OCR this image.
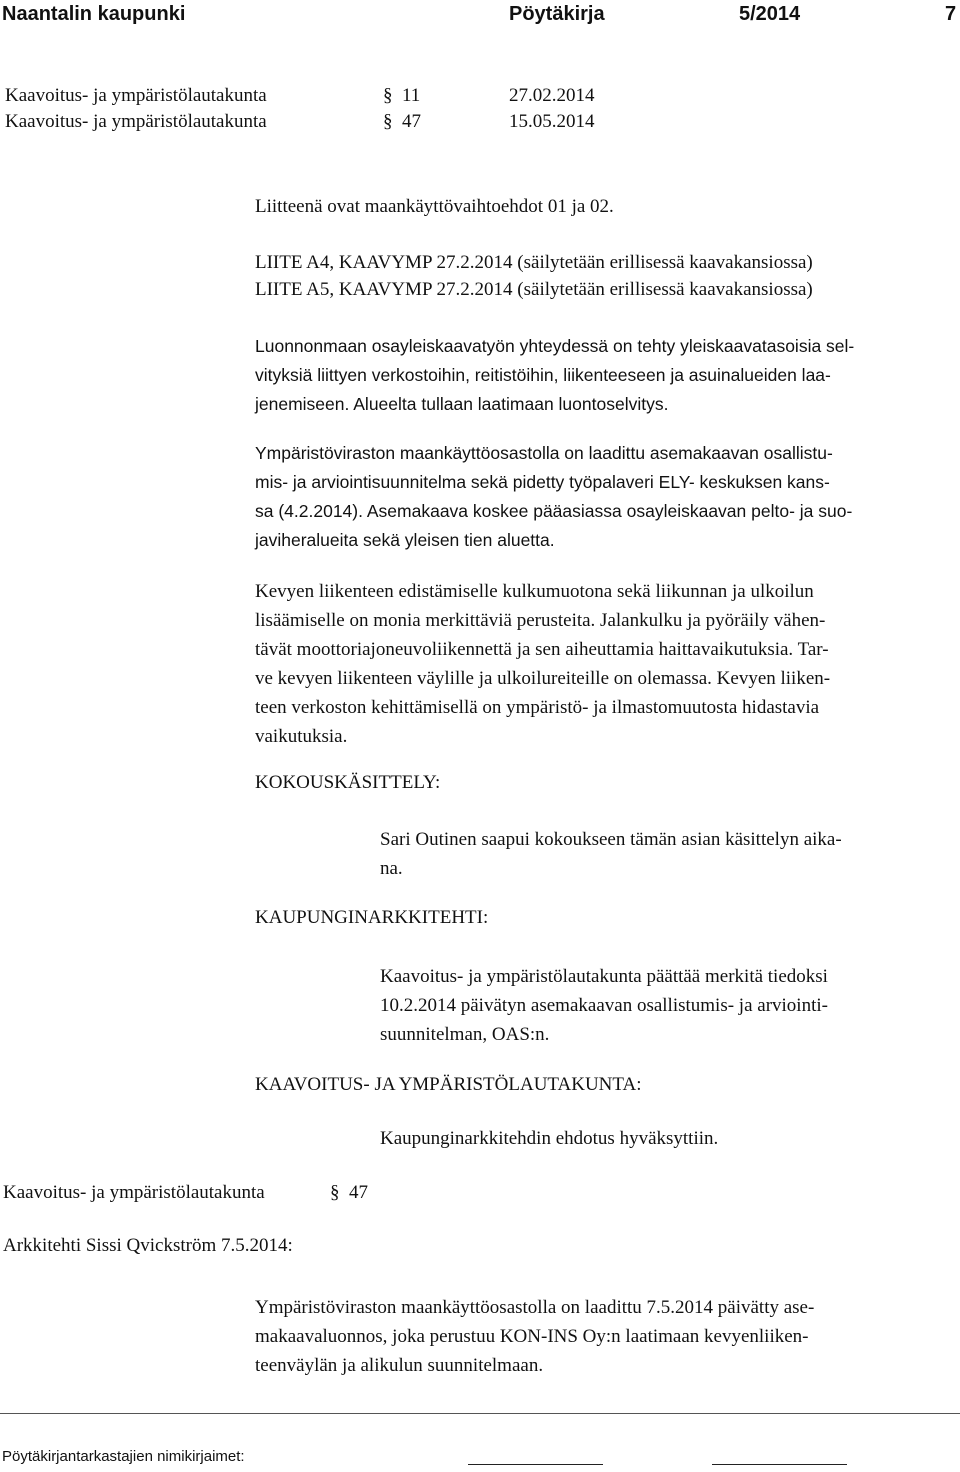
Naantalin kaupunki	Pöytäkirja	5/2014	7
Kaavoitus- ja ympäristölautakunta	§ 11	27.02.2014
Kaavoitus- ja ympäristölautakunta	§ 47	15.05.2014
Liitteenä ovat maankäyttövaihtoehdot 01 ja 02.
LIITE A4, KAAVYMP 27.2.2014 (säilytetään erillisessä kaavakansiossa)
LIITE A5, KAAVYMP 27.2.2014 (säilytetään erillisessä kaavakansiossa)
Luonnonmaan osayleiskaavatyön yhteydessä on tehty yleiskaavatasoisia sel-
vityksiä liittyen verkostoihin, reitistöihin, liikenteeseen ja asuinalueiden laa-
jenemiseen. Alueelta tullaan laatimaan luontoselvitys.
Ympäristöviraston maankäyttöosastolla on laadittu asemakaavan osallistu-
mis- ja arviointisuunnitelma sekä pidetty työpalaveri ELY- keskuksen kans-
sa (4.2.2014). Asemakaava koskee pääasiassa osayleiskaavan pelto- ja suo-
javiheralueita sekä yleisen tien aluetta.
Kevyen liikenteen edistämiselle kulkumuotona sekä liikunnan ja ulkoilun
lisäämiselle on monia merkittäviä perusteita. Jalankulku ja pyöräily vähen-
tävät moottoriajoneuvoliikennettä ja sen aiheuttamia haittavaikutuksia. Tar-
ve kevyen liikenteen väylille ja ulkoilureiteille on olemassa. Kevyen liiken-
teen verkoston kehittämisellä on ympäristö- ja ilmastomuutosta hidastavia
vaikutuksia.
KOKOUSKÄSITTELY:
Sari Outinen saapui kokoukseen tämän asian käsittelyn aika-
na.
KAUPUNGINARKKITEHTI:
Kaavoitus- ja ympäristölautakunta päättää merkitä tiedoksi
10.2.2014 päivätyn asemakaavan osallistumis- ja arviointi-
suunnitelman, OAS:n.
KAAVOITUS- JA YMPÄRISTÖLAUTAKUNTA:
Kaupunginarkkitehdin ehdotus hyväksyttiin.
Kaavoitus- ja ympäristölautakunta	§ 47
Arkkitehti Sissi Qvickström 7.5.2014:
Ympäristöviraston maankäyttöosastolla on laadittu 7.5.2014 päivätty ase-
makaavaluonnos, joka perustuu KON-INS Oy:n laatimaan kevyenliiken-
teenväylän ja alikulun suunnitelmaan.
Pöytäkirjantarkastajien nimikirjaimet:
